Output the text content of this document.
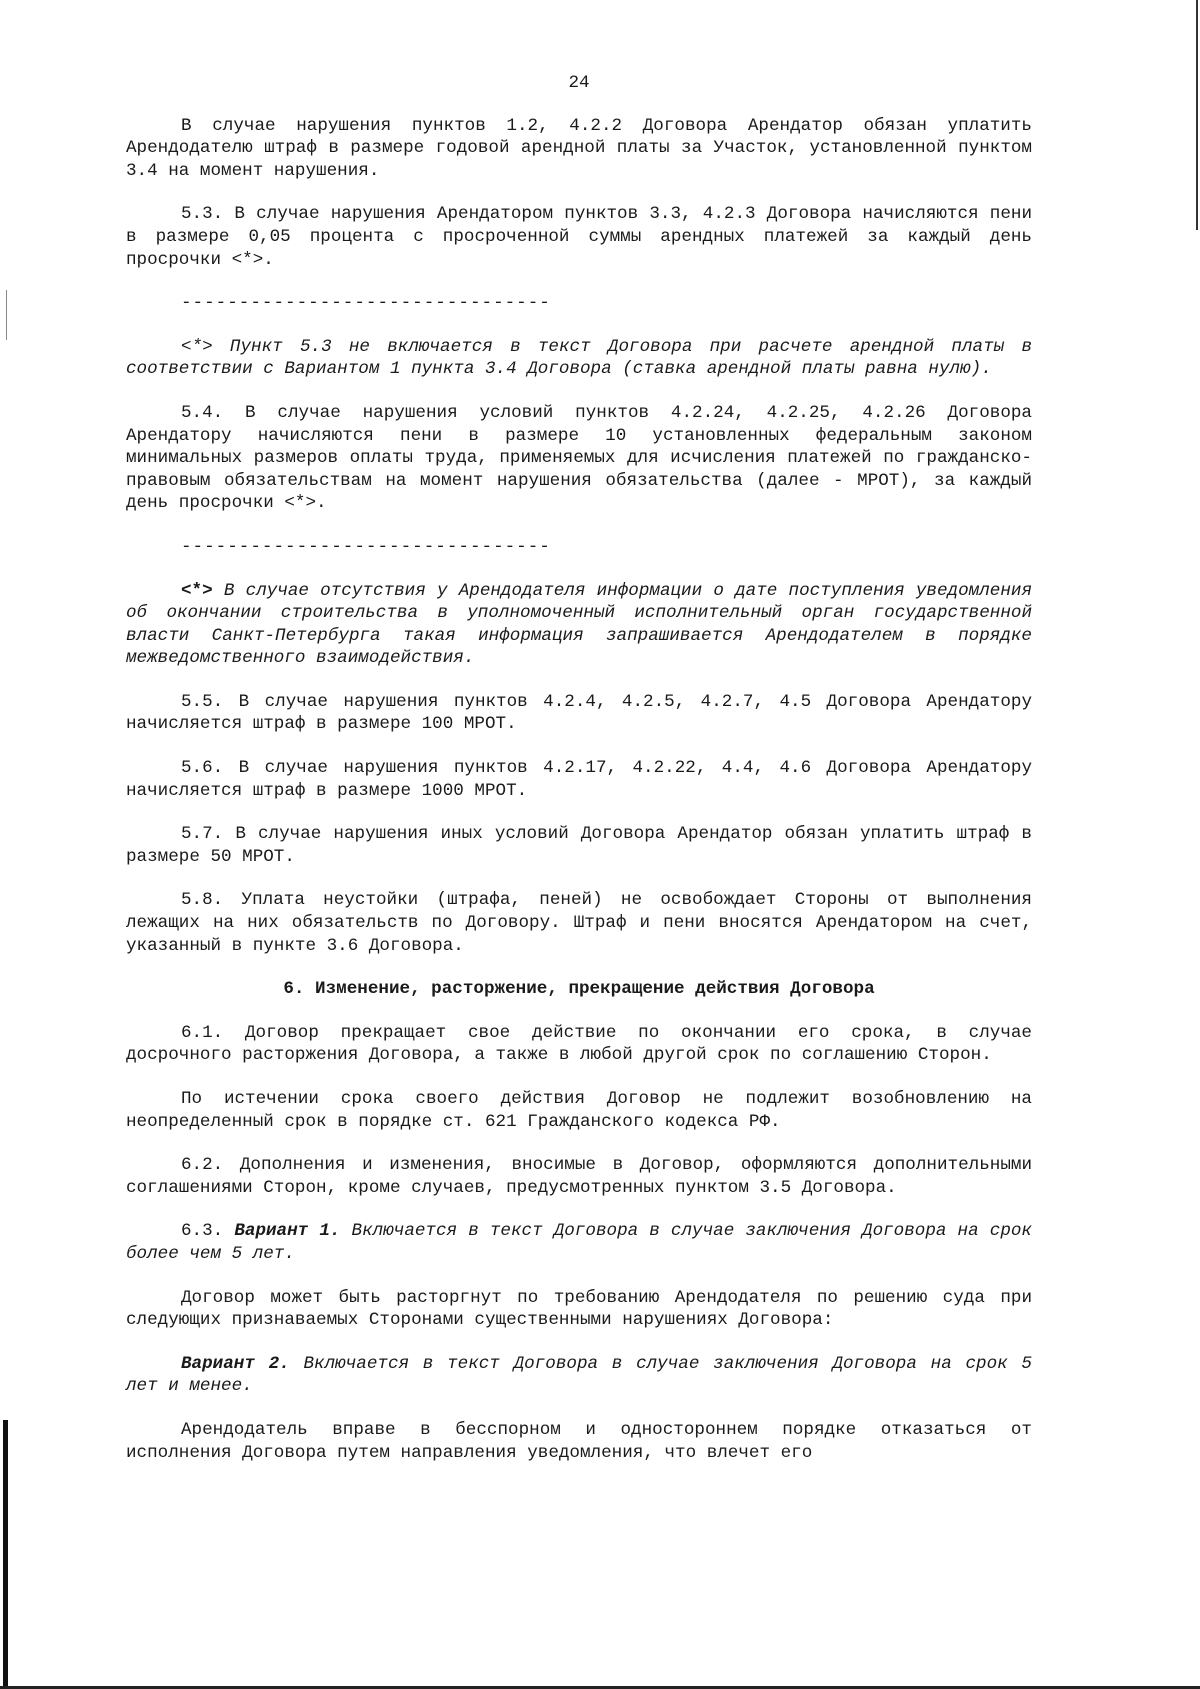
24

В случае нарушения пунктов 1.2, 4.2.2 Договора Арендатор обязан уплатить Арендодателю штраф в размере годовой арендной платы за Участок, установленной пунктом 3.4 на момент нарушения.

5.3. В случае нарушения Арендатором пунктов 3.3, 4.2.3 Договора начисляются пени в размере 0,05 процента с просроченной суммы арендных платежей за каждый день просрочки <*>.

--------------------------------

<*> Пункт 5.3 не включается в текст Договора при расчете арендной платы в соответствии с Вариантом 1 пункта 3.4 Договора (ставка арендной платы равна нулю).

5.4. В случае нарушения условий пунктов 4.2.24, 4.2.25, 4.2.26 Договора Арендатору начисляются пени в размере 10 установленных федеральным законом минимальных размеров оплаты труда, применяемых для исчисления платежей по гражданско-правовым обязательствам на момент нарушения обязательства (далее - МРОТ), за каждый день просрочки <*>.

--------------------------------

<*> В случае отсутствия у Арендодателя информации о дате поступления уведомления об окончании строительства в уполномоченный исполнительный орган государственной власти Санкт-Петербурга такая информация запрашивается Арендодателем в порядке межведомственного взаимодействия.

5.5. В случае нарушения пунктов 4.2.4, 4.2.5, 4.2.7, 4.5 Договора Арендатору начисляется штраф в размере 100 МРОТ.

5.6. В случае нарушения пунктов 4.2.17, 4.2.22, 4.4, 4.6 Договора Арендатору начисляется штраф в размере 1000 МРОТ.

5.7. В случае нарушения иных условий Договора Арендатор обязан уплатить штраф в размере 50 МРОТ.

5.8. Уплата неустойки (штрафа, пеней) не освобождает Стороны от выполнения лежащих на них обязательств по Договору. Штраф и пени вносятся Арендатором на счет, указанный в пункте 3.6 Договора.

6. Изменение, расторжение, прекращение действия Договора

6.1. Договор прекращает свое действие по окончании его срока, в случае досрочного расторжения Договора, а также в любой другой срок по соглашению Сторон.

По истечении срока своего действия Договор не подлежит возобновлению на неопределенный срок в порядке ст. 621 Гражданского кодекса РФ.

6.2. Дополнения и изменения, вносимые в Договор, оформляются дополнительными соглашениями Сторон, кроме случаев, предусмотренных пунктом 3.5 Договора.

6.3. Вариант 1. Включается в текст Договора в случае заключения Договора на срок более чем 5 лет.

Договор может быть расторгнут по требованию Арендодателя по решению суда при следующих признаваемых Сторонами существенными нарушениях Договора:

Вариант 2. Включается в текст Договора в случае заключения Договора на срок 5 лет и менее.

Арендодатель вправе в бесспорном и одностороннем порядке отказаться от исполнения Договора путем направления уведомления, что влечет его
